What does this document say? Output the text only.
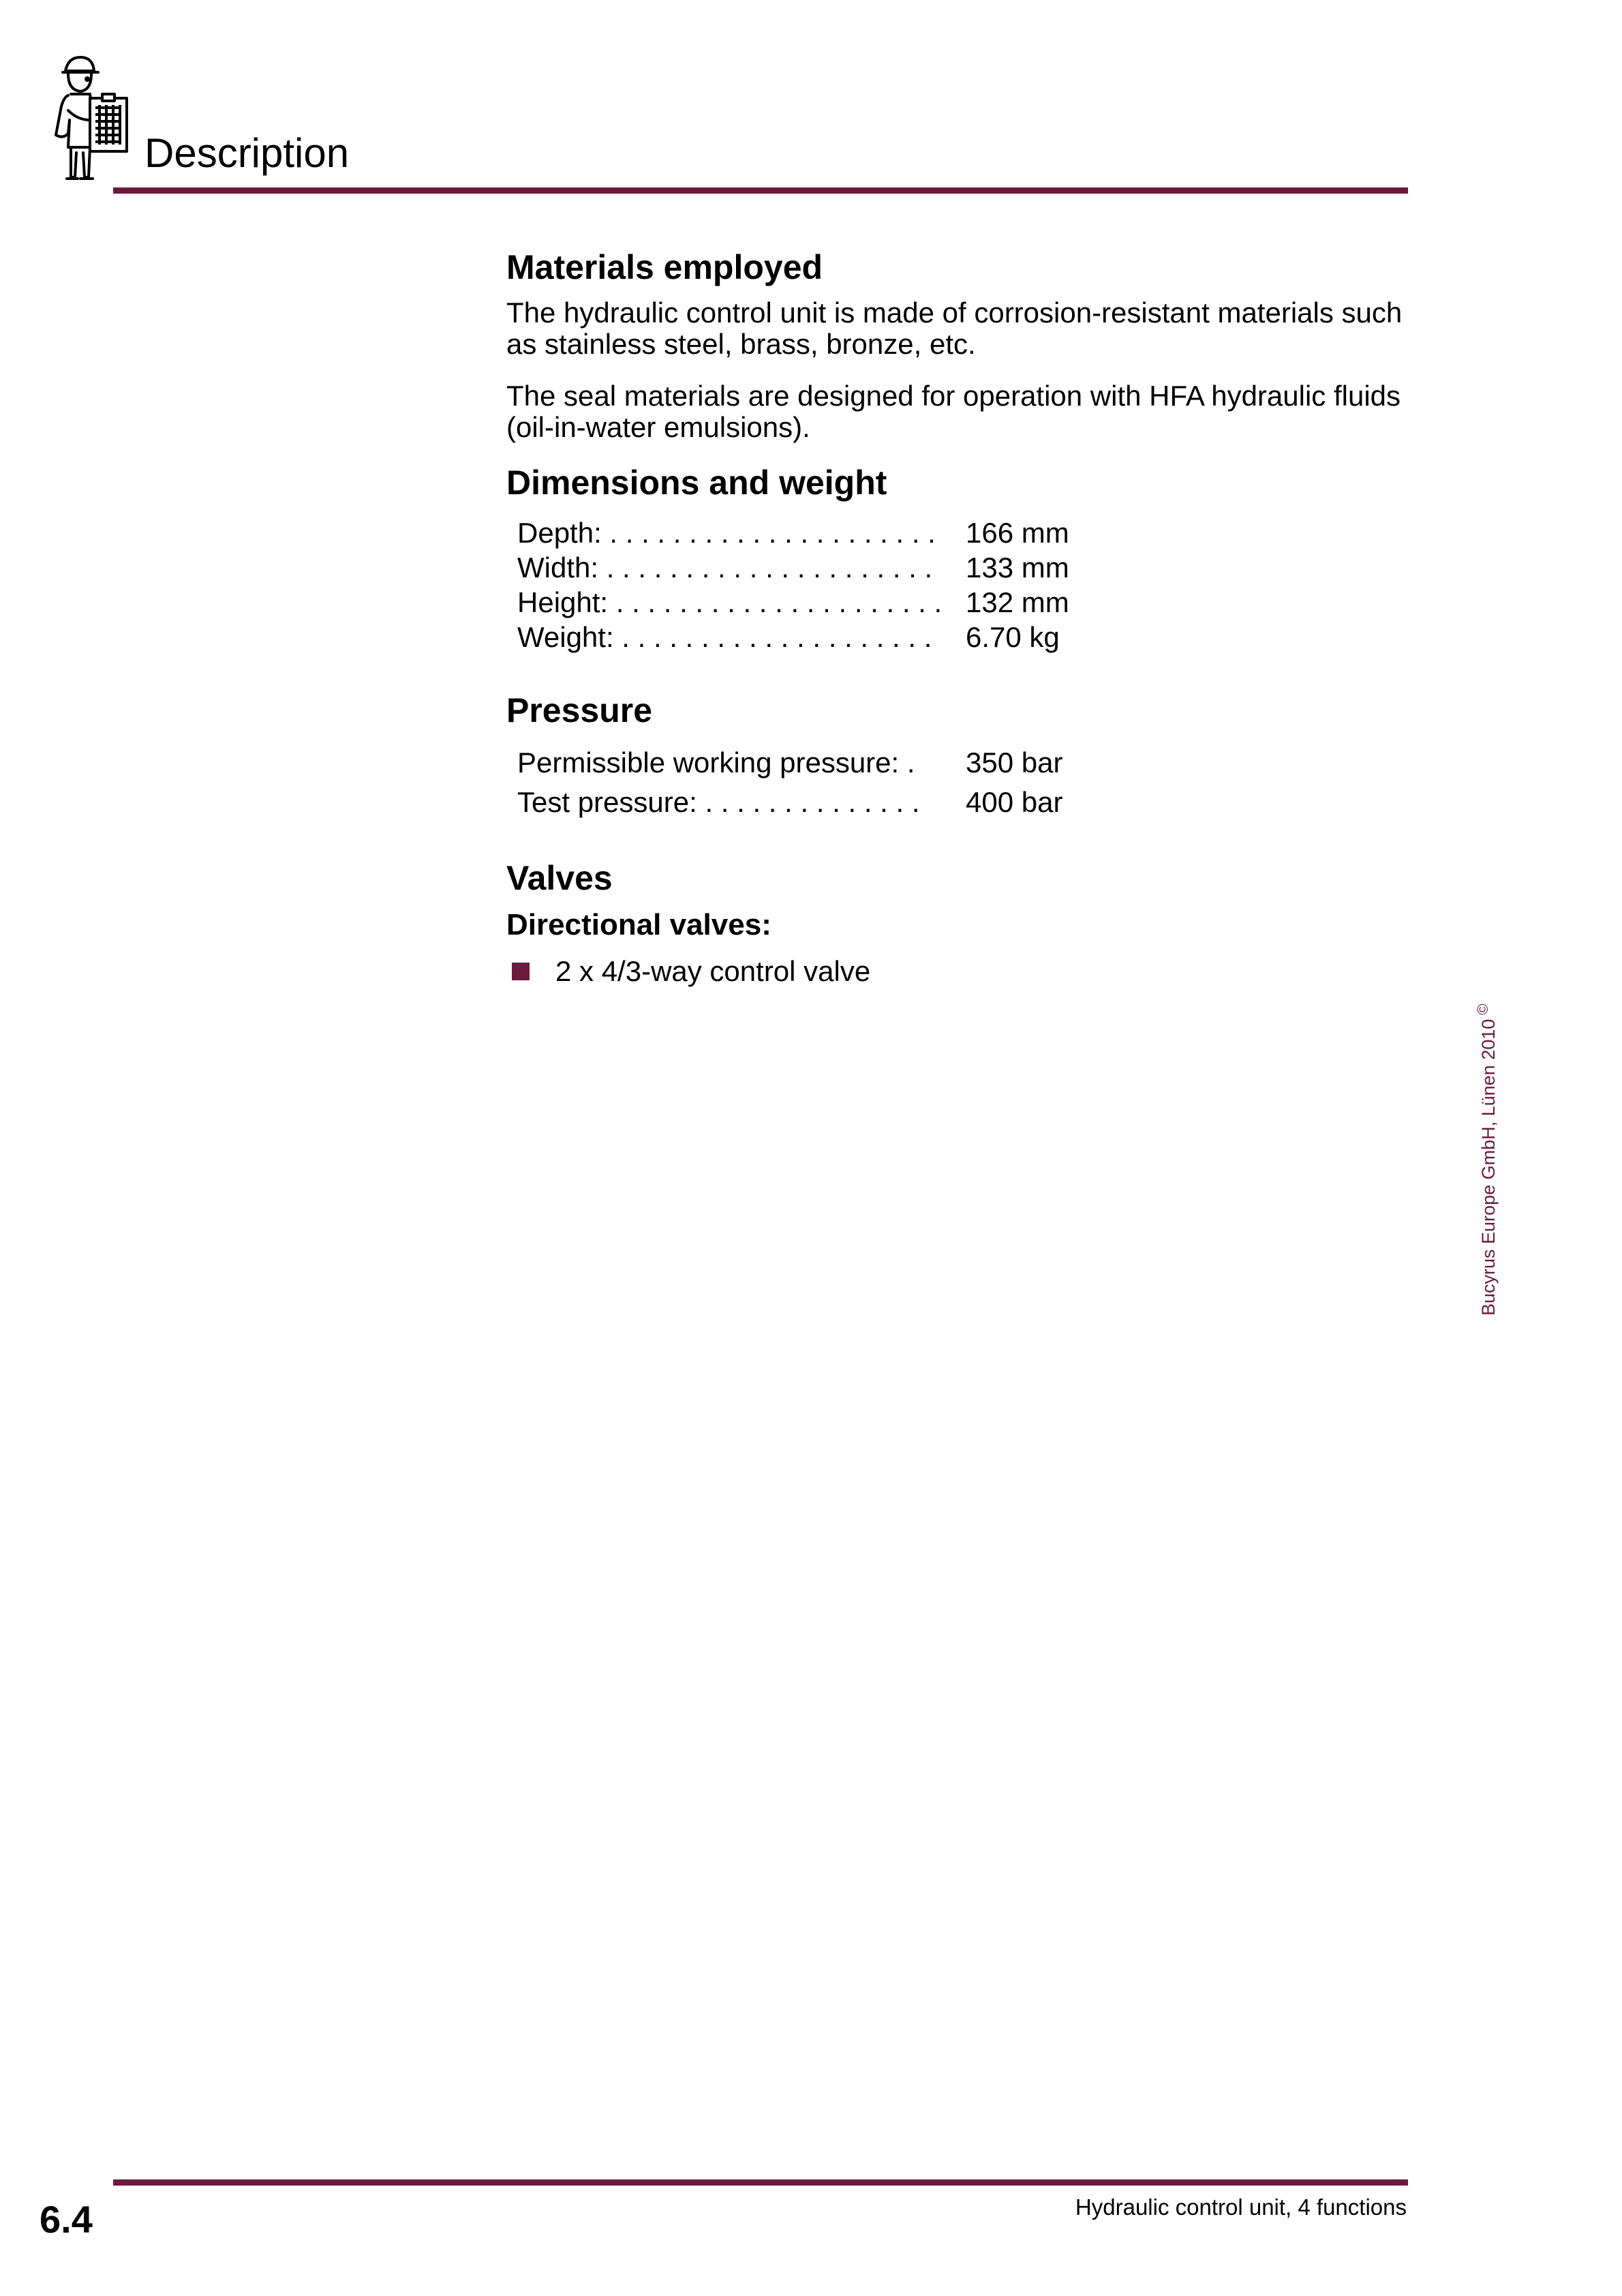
Description
Materials employed

The hydraulic control unit is made of corrosion-resistant materials such as stainless steel, brass, bronze, etc.

The seal materials are designed for operation with HFA hydraulic fluids (oil-in-water emulsions).

Dimensions and weight
Depth: . . . . . . . . . . . . . . . . . . . . .	166 mm
Width: . . . . . . . . . . . . . . . . . . . . .	133 mm
Height: . . . . . . . . . . . . . . . . . . . . . 132 mm
Weight: . . . . . . . . . . . . . . . . . . . .	6.70 kg
Pressure
Permissible working pressure: .	350 bar
Test pressure: . . . . . . . . . . . . . .	400 bar
Valves
Directional valves:
2 x 4/3-way control valve
Bucyrus Europe GmbH, Lünen 2010©
6.4	Hydraulic control unit, 4 functions
